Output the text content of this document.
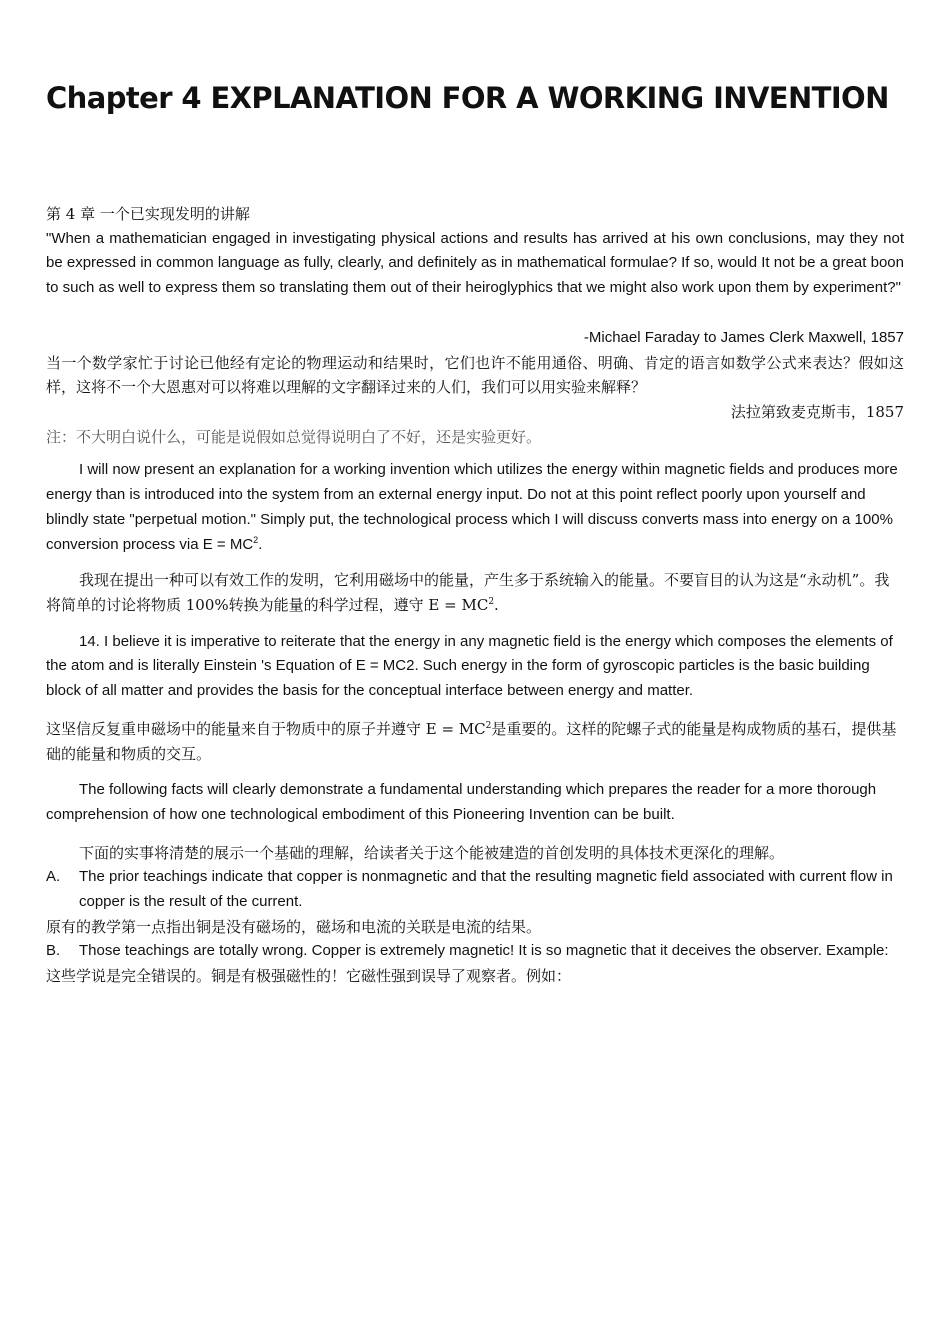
Chapter 4 EXPLANATION FOR A WORKING INVENTION

第 4 章 一个已实现发明的讲解

"When a mathematician engaged in investigating physical actions and results has arrived at his own conclusions, may they not be expressed in common language as fully, clearly, and definitely as in mathematical formulae? If so, would It not be a great boon to such as well to express them so translating them out of their heiroglyphics that we might also work upon them by experiment?"

-Michael Faraday to James Clerk Maxwell, 1857

当一个数学家忙于讨论已他经有定论的物理运动和结果时，它们也许不能用通俗、明确、肯定的语言如数学公式来表达？假如这样，这将不一个大恩惠对可以将难以理解的文字翻译过来的人们，我们可以用实验来解释？

法拉第致麦克斯韦，1857

注：不大明白说什么，可能是说假如总觉得说明白了不好，还是实验更好。

I will now present an explanation for a working invention which utilizes the energy within magnetic fields and produces more energy than is introduced into the system from an external energy input. Do not at this point reflect poorly upon yourself and blindly state "perpetual motion." Simply put, the technological process which I will discuss converts mass into energy on a 100% conversion process via $E = MC^2$.

我现在提出一种可以有效工作的发明，它利用磁场中的能量，产生多于系统输入的能量。不要盲目的认为这是“永动机”。我将简单的讨论将物质 100%转换为能量的科学过程，遵守 $E = MC^2$.

14. I believe it is imperative to reiterate that the energy in any magnetic field is the energy which composes the elements of the atom and is literally Einstein 's Equation of E = MC2. Such energy in the form of gyroscopic particles is the basic building block of all matter and provides the basis for the conceptual interface between energy and matter.

这坚信反复重申磁场中的能量来自于物质中的原子并遵守 $E = MC^2$是重要的。这样的陀螺子式的能量是构成物质的基石，提供基础的能量和物质的交互。

The following facts will clearly demonstrate a fundamental understanding which prepares the reader for a more thorough comprehension of how one technological embodiment of this Pioneering Invention can be built.

下面的实事将清楚的展示一个基础的理解，给读者关于这个能被建造的首创发明的具体技术更深化的理解。

A. The prior teachings indicate that copper is nonmagnetic and that the resulting magnetic field associated with current flow in copper is the result of the current.

原有的教学第一点指出铜是没有磁场的，磁场和电流的关联是电流的结果。

B. Those teachings are totally wrong. Copper is extremely magnetic! It is so magnetic that it deceives the observer. Example:

这些学说是完全错误的。铜是有极强磁性的！它磁性强到误导了观察者。例如：
